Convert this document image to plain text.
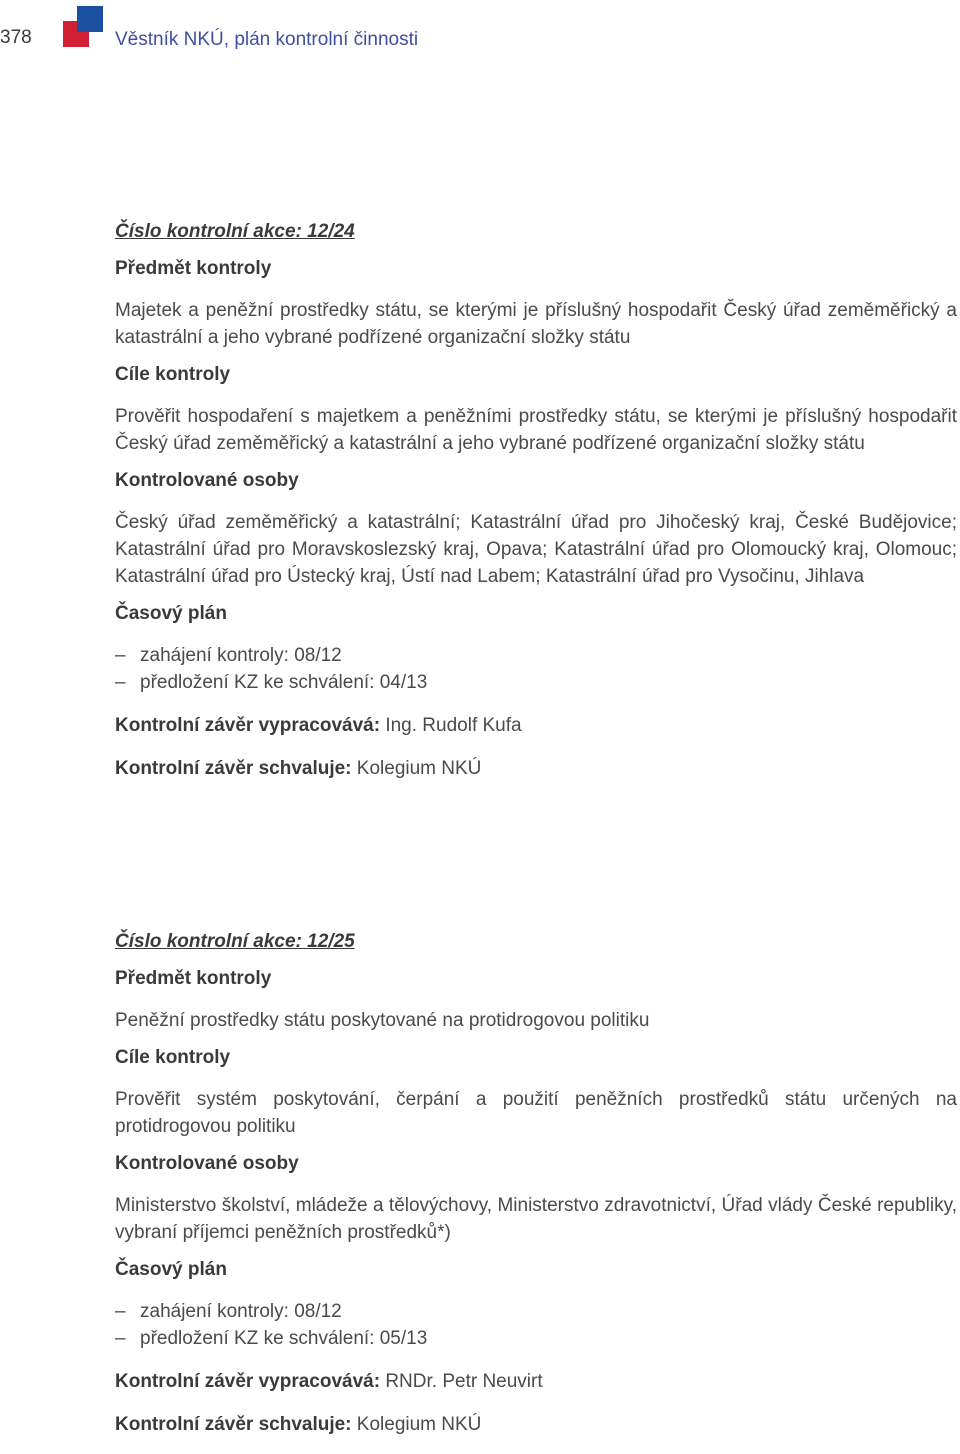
378	Věstník NKÚ, plán kontrolní činnosti

Číslo kontrolní akce: 12/24

Předmět kontroly

Majetek a peněžní prostředky státu, se kterými je příslušný hospodařit Český úřad zeměměřický a katastrální a jeho vybrané podřízené organizační složky státu

Cíle kontroly

Prověřit hospodaření s majetkem a peněžními prostředky státu, se kterými je příslušný hospodařit Český úřad zeměměřický a katastrální a jeho vybrané podřízené organizační složky státu

Kontrolované osoby

Český úřad zeměměřický a katastrální; Katastrální úřad pro Jihočeský kraj, České Budějovice; Katastrální úřad pro Moravskoslezský kraj, Opava; Katastrální úřad pro Olomoucký kraj, Olomouc; Katastrální úřad pro Ústecký kraj, Ústí nad Labem; Katastrální úřad pro Vysočinu, Jihlava

Časový plán

– zahájení kontroly: 08/12
– předložení KZ ke schválení: 04/13

Kontrolní závěr vypracovává: Ing. Rudolf Kufa

Kontrolní závěr schvaluje: Kolegium NKÚ

Číslo kontrolní akce: 12/25

Předmět kontroly

Peněžní prostředky státu poskytované na protidrogovou politiku

Cíle kontroly

Prověřit systém poskytování, čerpání a použití peněžních prostředků státu určených na protidrogovou politiku

Kontrolované osoby

Ministerstvo školství, mládeže a tělovýchovy, Ministerstvo zdravotnictví, Úřad vlády České republiky, vybraní příjemci peněžních prostředků*)

Časový plán

– zahájení kontroly: 08/12
– předložení KZ ke schválení: 05/13

Kontrolní závěr vypracovává: RNDr. Petr Neuvirt

Kontrolní závěr schvaluje: Kolegium NKÚ
